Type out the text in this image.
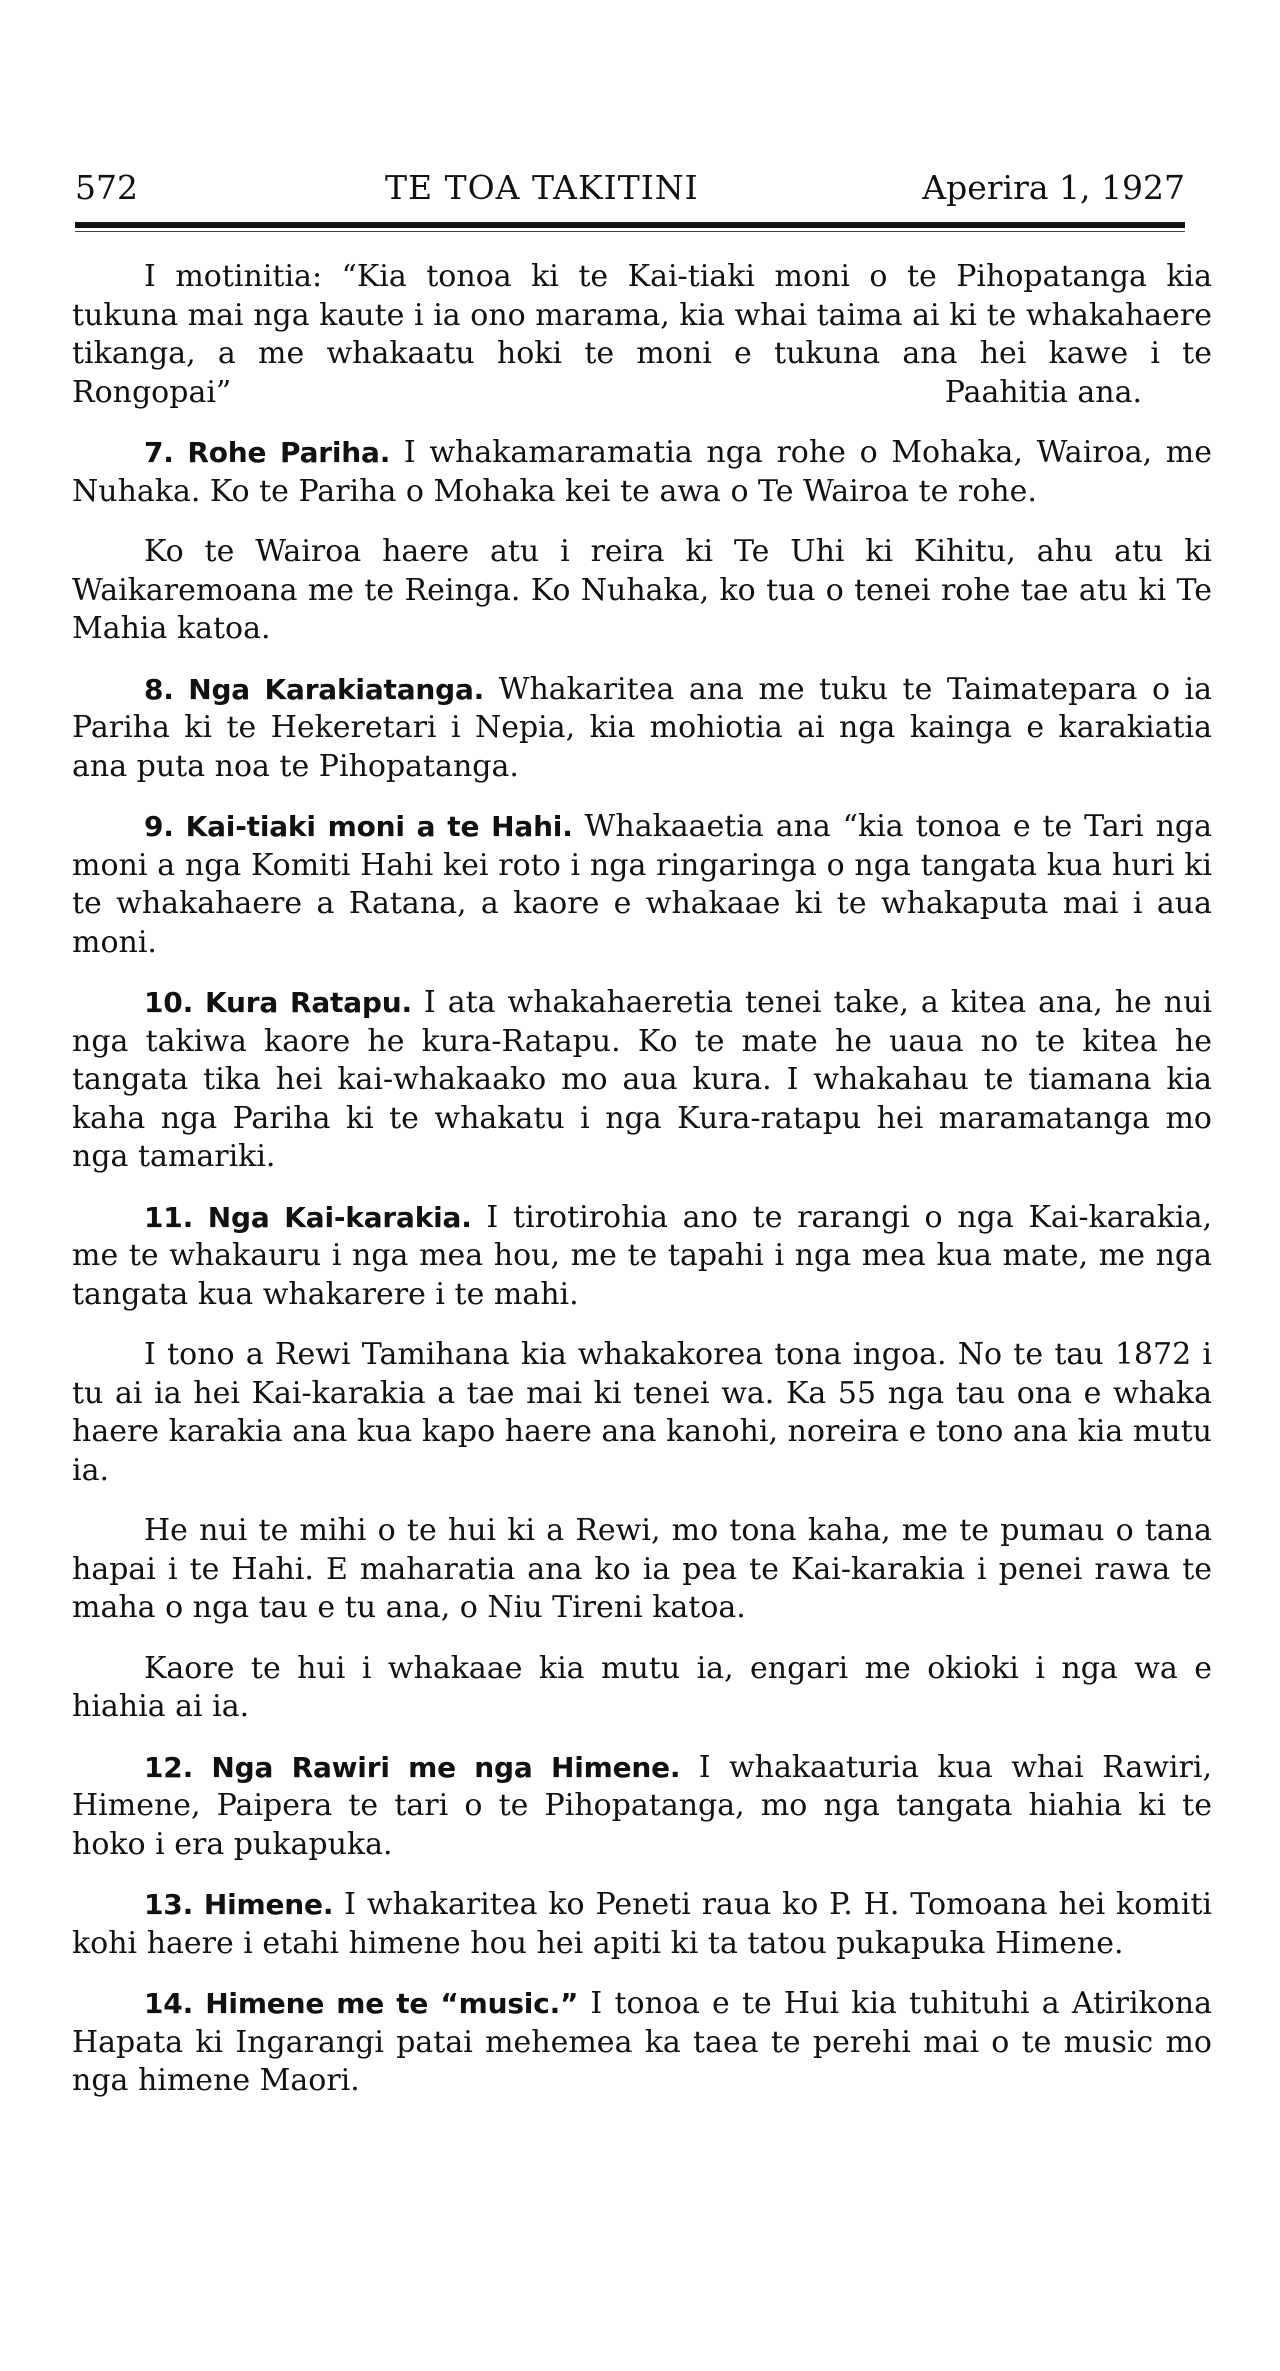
572	TE TOA TAKITINI	Aperira 1, 1927

I motinitia: “Kia tonoa ki te Kai-tiaki moni o te Pihopatanga kia tukuna mai nga kaute i ia ono marama, kia whai taima ai ki te whakahaere tikanga, a me whakaatu hoki te moni e tukuna ana hei kawe i te Rongopai”	Paahitia ana.

7. Rohe Pariha. I whakamaramatia nga rohe o Mohaka, Wairoa, me Nuhaka. Ko te Pariha o Mohaka kei te awa o Te Wairoa te rohe.

Ko te Wairoa haere atu i reira ki Te Uhi ki Kihitu, ahu atu ki Waikaremoana me te Reinga. Ko Nuhaka, ko tua o tenei rohe tae atu ki Te Mahia katoa.

8. Nga Karakiatanga. Whakaritea ana me tuku te Taimatepara o ia Pariha ki te Hekeretari i Nepia, kia mohiotia ai nga kainga e karakiatia ana puta noa te Pihopatanga.

9. Kai-tiaki moni a te Hahi. Whakaaetia ana “kia tonoa e te Tari nga moni a nga Komiti Hahi kei roto i nga ringaringa o nga tangata kua huri ki te whakahaere a Ratana, a kaore e whakaae ki te whakaputa mai i aua moni.

10. Kura Ratapu. I ata whakahaeretia tenei take, a kitea ana, he nui nga takiwa kaore he kura-Ratapu. Ko te mate he uaua no te kitea he tangata tika hei kai-whakaako mo aua kura. I whakahau te tiamana kia kaha nga Pariha ki te whakatu i nga Kura-ratapu hei maramatanga mo nga tamariki.

11. Nga Kai-karakia. I tirotirohia ano te rarangi o nga Kai-karakia, me te whakauru i nga mea hou, me te tapahi i nga mea kua mate, me nga tangata kua whakarere i te mahi.

I tono a Rewi Tamihana kia whakakorea tona ingoa. No te tau 1872 i tu ai ia hei Kai-karakia a tae mai ki tenei wa. Ka 55 nga tau ona e whaka haere karakia ana kua kapo haere ana kanohi, noreira e tono ana kia mutu ia.

He nui te mihi o te hui ki a Rewi, mo tona kaha, me te pumau o tana hapai i te Hahi. E maharatia ana ko ia pea te Kai-karakia i penei rawa te maha o nga tau e tu ana, o Niu Tireni katoa.

Kaore te hui i whakaae kia mutu ia, engari me okioki i nga wa e hiahia ai ia.

12. Nga Rawiri me nga Himene. I whakaaturia kua whai Rawiri, Himene, Paipera te tari o te Pihopatanga, mo nga tangata hiahia ki te hoko i era pukapuka.

13. Himene. I whakaritea ko Peneti raua ko P. H. Tomoana hei komiti kohi haere i etahi himene hou hei apiti ki ta tatou pukapuka Himene.

14. Himene me te “music.” I tonoa e te Hui kia tuhituhi a Atirikona Hapata ki Ingarangi patai mehemea ka taea te perehi mai o te music mo nga himene Maori.
